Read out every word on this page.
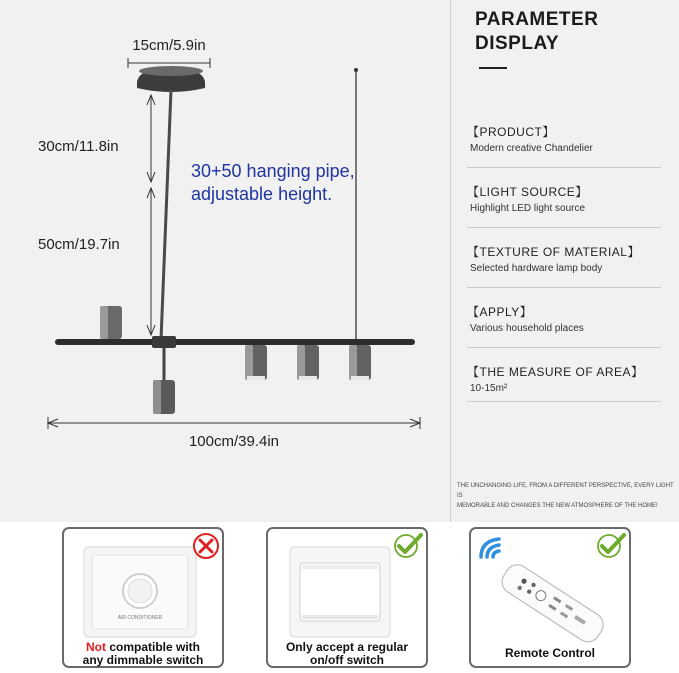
15cm/5.9in
30cm/11.8in
50cm/19.7in
30+50 hanging pipe,
adjustable height.
100cm/39.4in
PARAMETER
DISPLAY
【PRODUCT】
Modern creative Chandelier
【LIGHT SOURCE】
Highlight LED light source
【TEXTURE OF MATERIAL】
Selected hardware lamp body
【APPLY】
Various household places
【THE MEASURE OF AREA】
10-15m²
THE UNCHANGING LIFE, FROM A DIFFERENT PERSPECTIVE, EVERY LIGHT IS
MEMORABLE AND CHANGES THE NEW ATMOSPHERE OF THE HOME!
AIR CONDITIONER
Not compatible with
any dimmable switch
Only accept a regular
on/off switch	Remote Control
